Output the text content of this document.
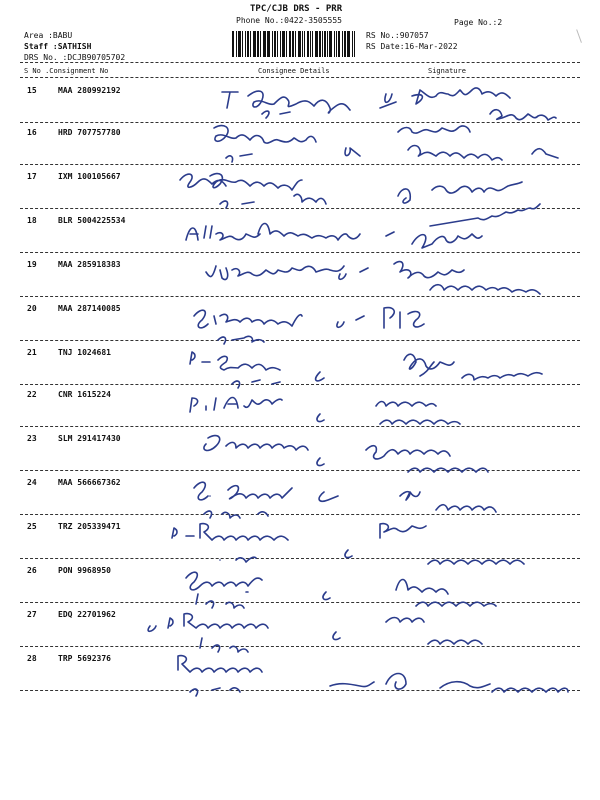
TPC/CJB DRS - PRR
Phone No.:0422-3505555	Page No.:2
Area :BABU
Staff :SATHISH
DRS No. :DCJB90705702
RS No.:907057
RS Date:16-Mar-2022
S No .Consignment No	Consignee Details	Signature
15	MAA 280992192
16	HRD 707757780
17	IXM 100105667
18	BLR 5004225534
19	MAA 285918383
20	MAA 287140085
21	TNJ 1024681
22	CNR 1615224
23	SLM 291417430
24	MAA 566667362
25	TRZ 205339471
26	PON 9968950
27	EDQ 22701962
28	TRP 5692376
